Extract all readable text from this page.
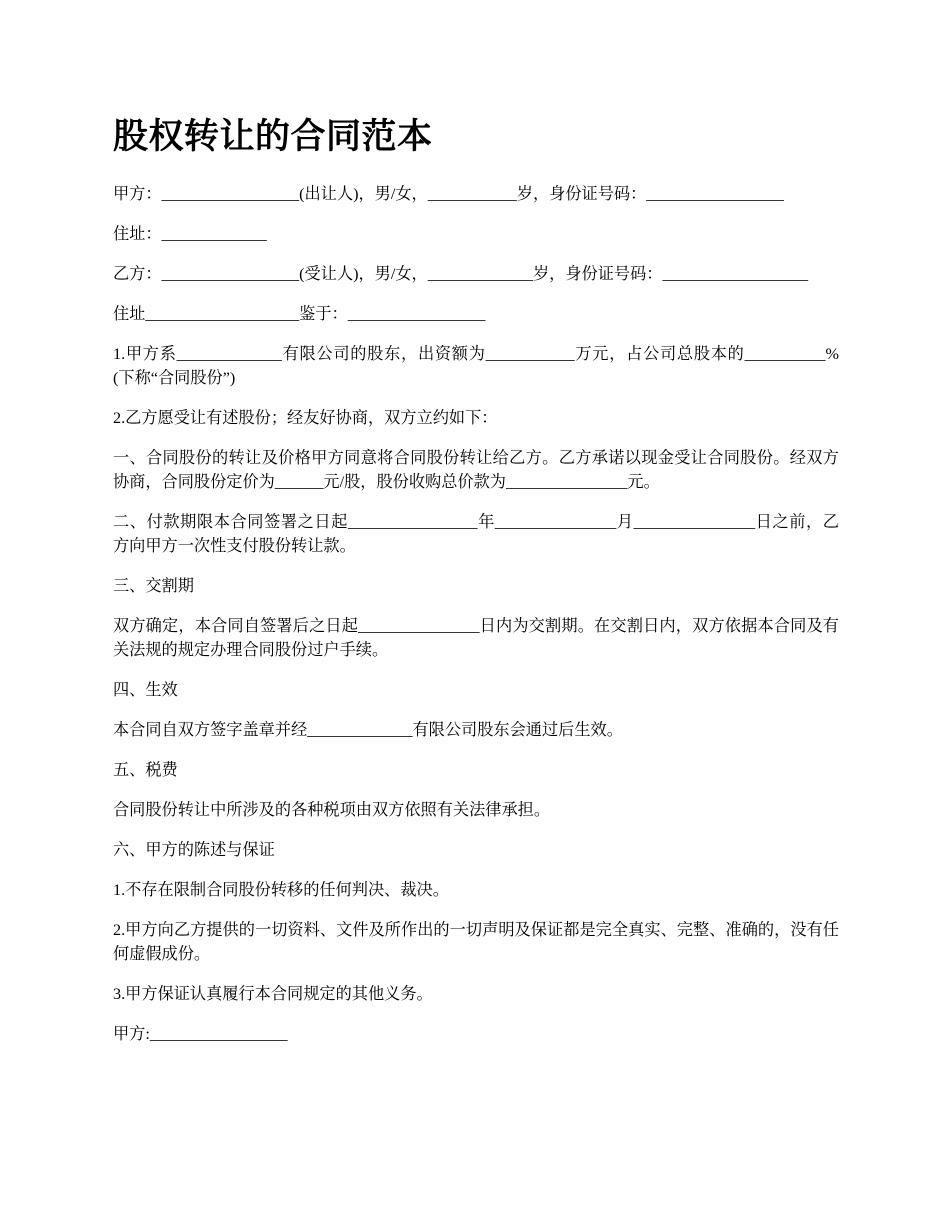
股权转让的合同范本

甲方：_________________(出让人)，男/女，___________岁，身份证号码：_________________

住址：_____________

乙方：_________________(受让人)，男/女，_____________岁，身份证号码：__________________

住址___________________鉴于：_________________

1.甲方系_____________有限公司的股东，出资额为___________万元，占公司总股本的__________%(下称“合同股份”)

2.乙方愿受让有述股份；经友好协商，双方立约如下：

一、合同股份的转让及价格甲方同意将合同股份转让给乙方。乙方承诺以现金受让合同股份。经双方协商，合同股份定价为______元/股，股份收购总价款为_______________元。

二、付款期限本合同签署之日起________________年_______________月_______________日之前，乙方向甲方一次性支付股份转让款。

三、交割期

双方确定，本合同自签署后之日起_______________日内为交割期。在交割日内，双方依据本合同及有关法规的规定办理合同股份过户手续。

四、生效

本合同自双方签字盖章并经_____________有限公司股东会通过后生效。

五、税费

合同股份转让中所涉及的各种税项由双方依照有关法律承担。

六、甲方的陈述与保证

1.不存在限制合同股份转移的任何判决、裁决。

2.甲方向乙方提供的一切资料、文件及所作出的一切声明及保证都是完全真实、完整、准确的，没有任何虚假成份。

3.甲方保证认真履行本合同规定的其他义务。

甲方:_________________
